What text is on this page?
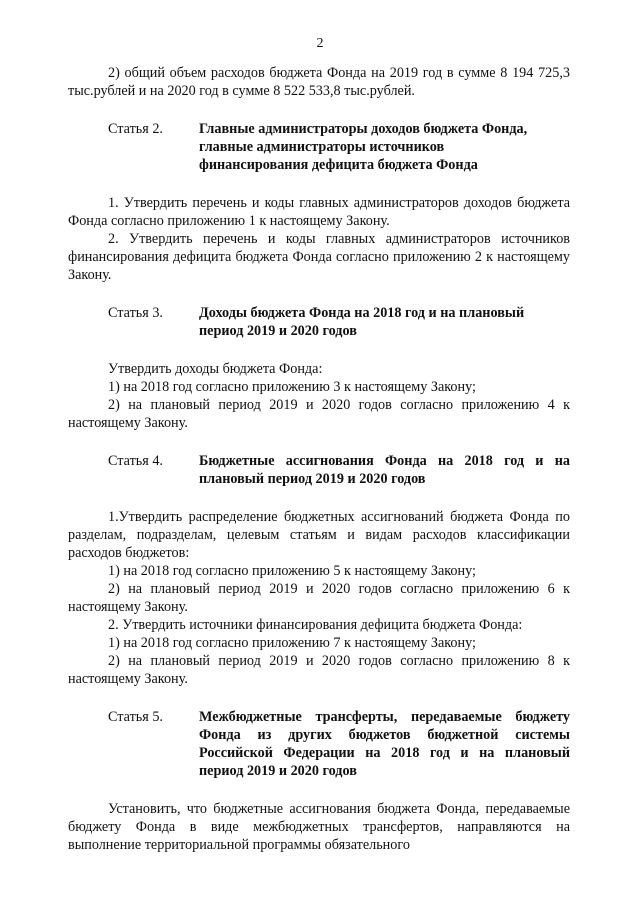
2

2) общий объем расходов бюджета Фонда на 2019 год в сумме 8 194 725,3 тыс.рублей и на 2020 год в сумме 8 522 533,8 тыс.рублей.

Статья 2.	Главные администраторы доходов бюджета Фонда,
главные администраторы источников
финансирования дефицита бюджета Фонда

1. Утвердить перечень и коды главных администраторов доходов бюджета Фонда согласно приложению 1 к настоящему Закону.

2. Утвердить перечень и коды главных администраторов источников финансирования дефицита бюджета Фонда согласно приложению 2 к настоящему Закону.

Статья 3.	Доходы бюджета Фонда на 2018 год и на плановый
период 2019 и 2020 годов

Утвердить доходы бюджета Фонда:

1) на 2018 год согласно приложению 3 к настоящему Закону;

2) на плановый период 2019 и 2020 годов согласно приложению 4 к настоящему Закону.

Статья 4.	Бюджетные ассигнования Фонда на 2018 год и на
плановый период 2019 и 2020 годов

1.Утвердить распределение бюджетных ассигнований бюджета Фонда по разделам, подразделам, целевым статьям и видам расходов классификации расходов бюджетов:

1) на 2018 год согласно приложению 5 к настоящему Закону;

2) на плановый период 2019 и 2020 годов согласно приложению 6 к настоящему Закону.

2. Утвердить источники финансирования дефицита бюджета Фонда:

1) на 2018 год согласно приложению 7 к настоящему Закону;

2) на плановый период 2019 и 2020 годов согласно приложению 8 к настоящему Закону.

Статья 5.	Межбюджетные трансферты, передаваемые бюджету
Фонда из других бюджетов бюджетной системы
Российской Федерации на 2018 год и на плановый
период 2019 и 2020 годов

Установить, что бюджетные ассигнования бюджета Фонда, передаваемые бюджету Фонда в виде межбюджетных трансфертов, направляются на выполнение территориальной программы обязательного
